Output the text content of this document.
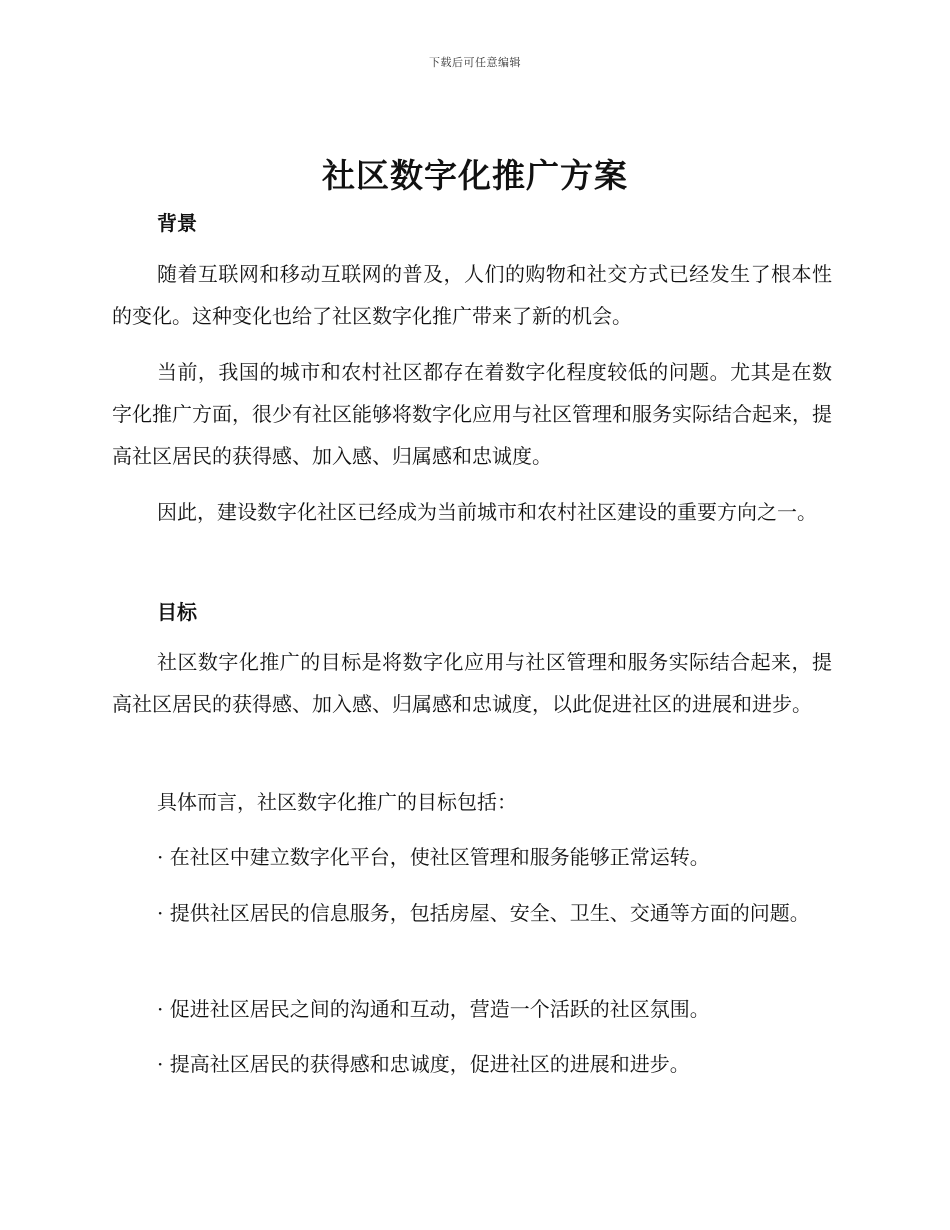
下载后可任意编辑
社区数字化推广方案
背景

随着互联网和移动互联网的普及，人们的购物和社交方式已经发生了根本性的变化。这种变化也给了社区数字化推广带来了新的机会。

当前，我国的城市和农村社区都存在着数字化程度较低的问题。尤其是在数字化推广方面，很少有社区能够将数字化应用与社区管理和服务实际结合起来，提高社区居民的获得感、加入感、归属感和忠诚度。

因此，建设数字化社区已经成为当前城市和农村社区建设的重要方向之一。

目标

社区数字化推广的目标是将数字化应用与社区管理和服务实际结合起来，提高社区居民的获得感、加入感、归属感和忠诚度，以此促进社区的进展和进步。

具体而言，社区数字化推广的目标包括：

· 在社区中建立数字化平台，使社区管理和服务能够正常运转。

· 提供社区居民的信息服务，包括房屋、安全、卫生、交通等方面的问题。

· 促进社区居民之间的沟通和互动，营造一个活跃的社区氛围。

· 提高社区居民的获得感和忠诚度，促进社区的进展和进步。
